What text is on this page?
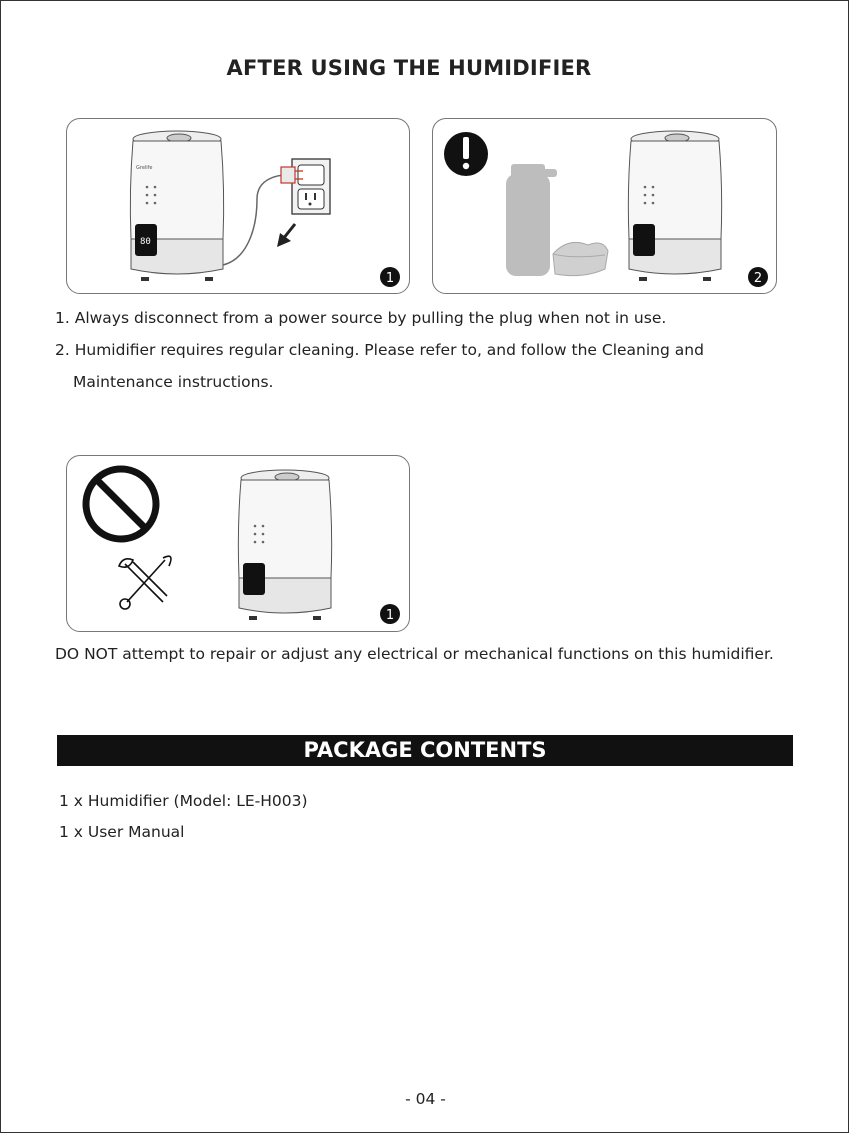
AFTER USING THE HUMIDIFIER
80
Grelife
1	2
1. Always disconnect from a power source by pulling the plug when not in use.
2. Humidifier requires regular cleaning. Please refer to, and follow the Cleaning and
Maintenance instructions.
1
DO NOT attempt to repair or adjust any electrical or mechanical functions on this humidifier.
PACKAGE CONTENTS
1 x Humidifier (Model: LE-H003)
1 x User Manual
- 04 -
